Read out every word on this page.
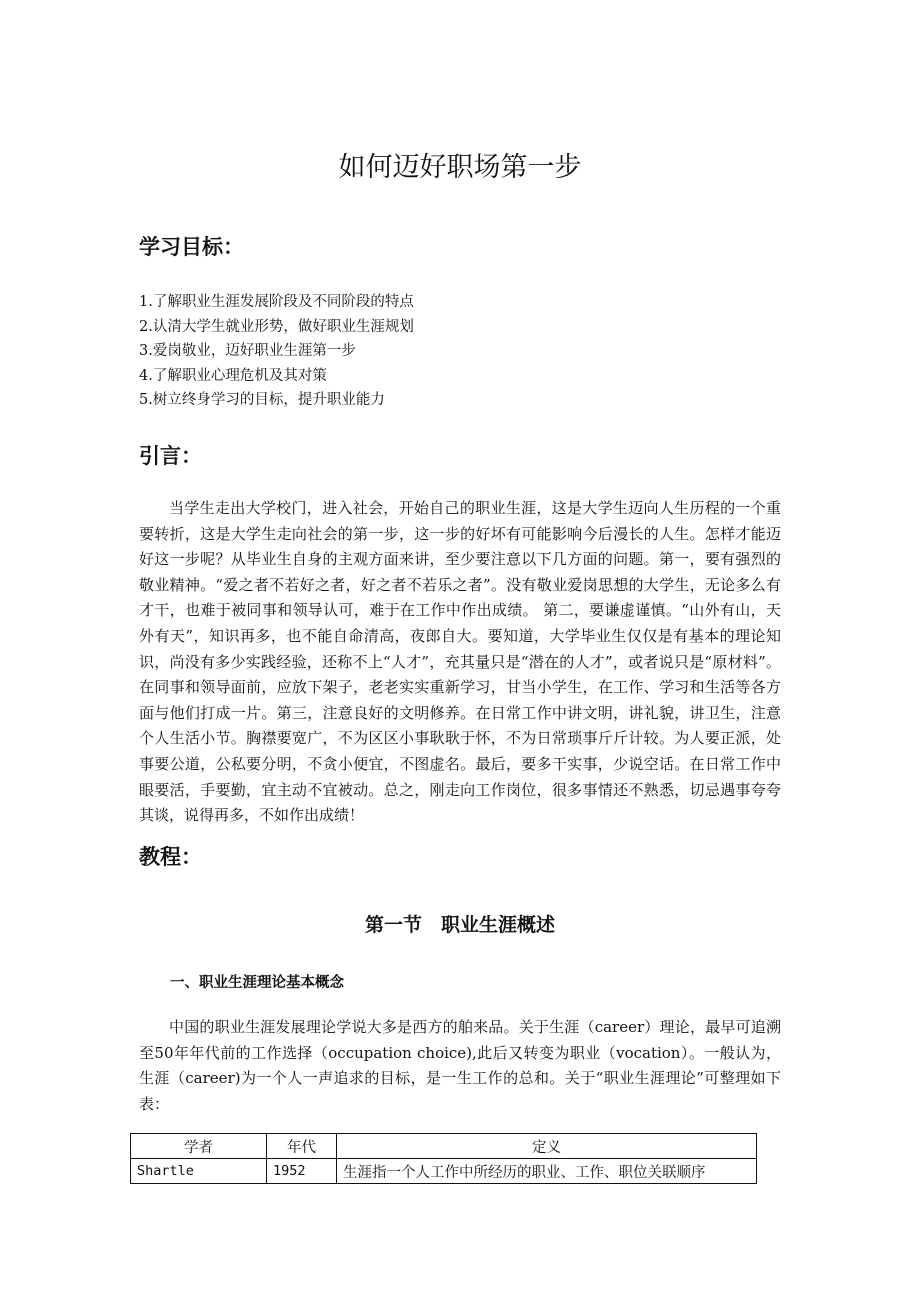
如何迈好职场第一步
学习目标：
1.了解职业生涯发展阶段及不同阶段的特点
2.认清大学生就业形势，做好职业生涯规划
3.爱岗敬业，迈好职业生涯第一步
4.了解职业心理危机及其对策
5.树立终身学习的目标，提升职业能力
引言：

当学生走出大学校门，进入社会，开始自己的职业生涯，这是大学生迈向人生历程的一个重要转折，这是大学生走向社会的第一步，这一步的好坏有可能影响今后漫长的人生。怎样才能迈好这一步呢？从毕业生自身的主观方面来讲，至少要注意以下几方面的问题。第一，要有强烈的敬业精神。“爱之者不若好之者，好之者不若乐之者”。没有敬业爱岗思想的大学生，无论多么有才干，也难于被同事和领导认可，难于在工作中作出成绩。 第二，要谦虚谨慎。“山外有山，天外有天”，知识再多，也不能自命清高，夜郎自大。要知道，大学毕业生仅仅是有基本的理论知识，尚没有多少实践经验，还称不上“人才”，充其量只是“潜在的人才”，或者说只是“原材料”。在同事和领导面前，应放下架子，老老实实重新学习，甘当小学生，在工作、学习和生活等各方面与他们打成一片。第三，注意良好的文明修养。在日常工作中讲文明，讲礼貌，讲卫生，注意个人生活小节。胸襟要宽广，不为区区小事耿耿于怀，不为日常琐事斤斤计较。为人要正派，处事要公道，公私要分明，不贪小便宜，不图虚名。最后，要多干实事，少说空话。在日常工作中眼要活，手要勤，宜主动不宜被动。总之，刚走向工作岗位，很多事情还不熟悉，切忌遇事夸夸其谈，说得再多，不如作出成绩！

教程：
第一节　职业生涯概述
一、职业生涯理论基本概念

中国的职业生涯发展理论学说大多是西方的舶来品。关于生涯（career）理论，最早可追溯至50年年代前的工作选择（occupation choice),此后又转变为职业（vocation）。一般认为，生涯（career)为一个人一声追求的目标，是一生工作的总和。关于“职业生涯理论”可整理如下表：

学者	年代	定义
Shartle	1952	生涯指一个人工作中所经历的职业、工作、职位关联顺序
